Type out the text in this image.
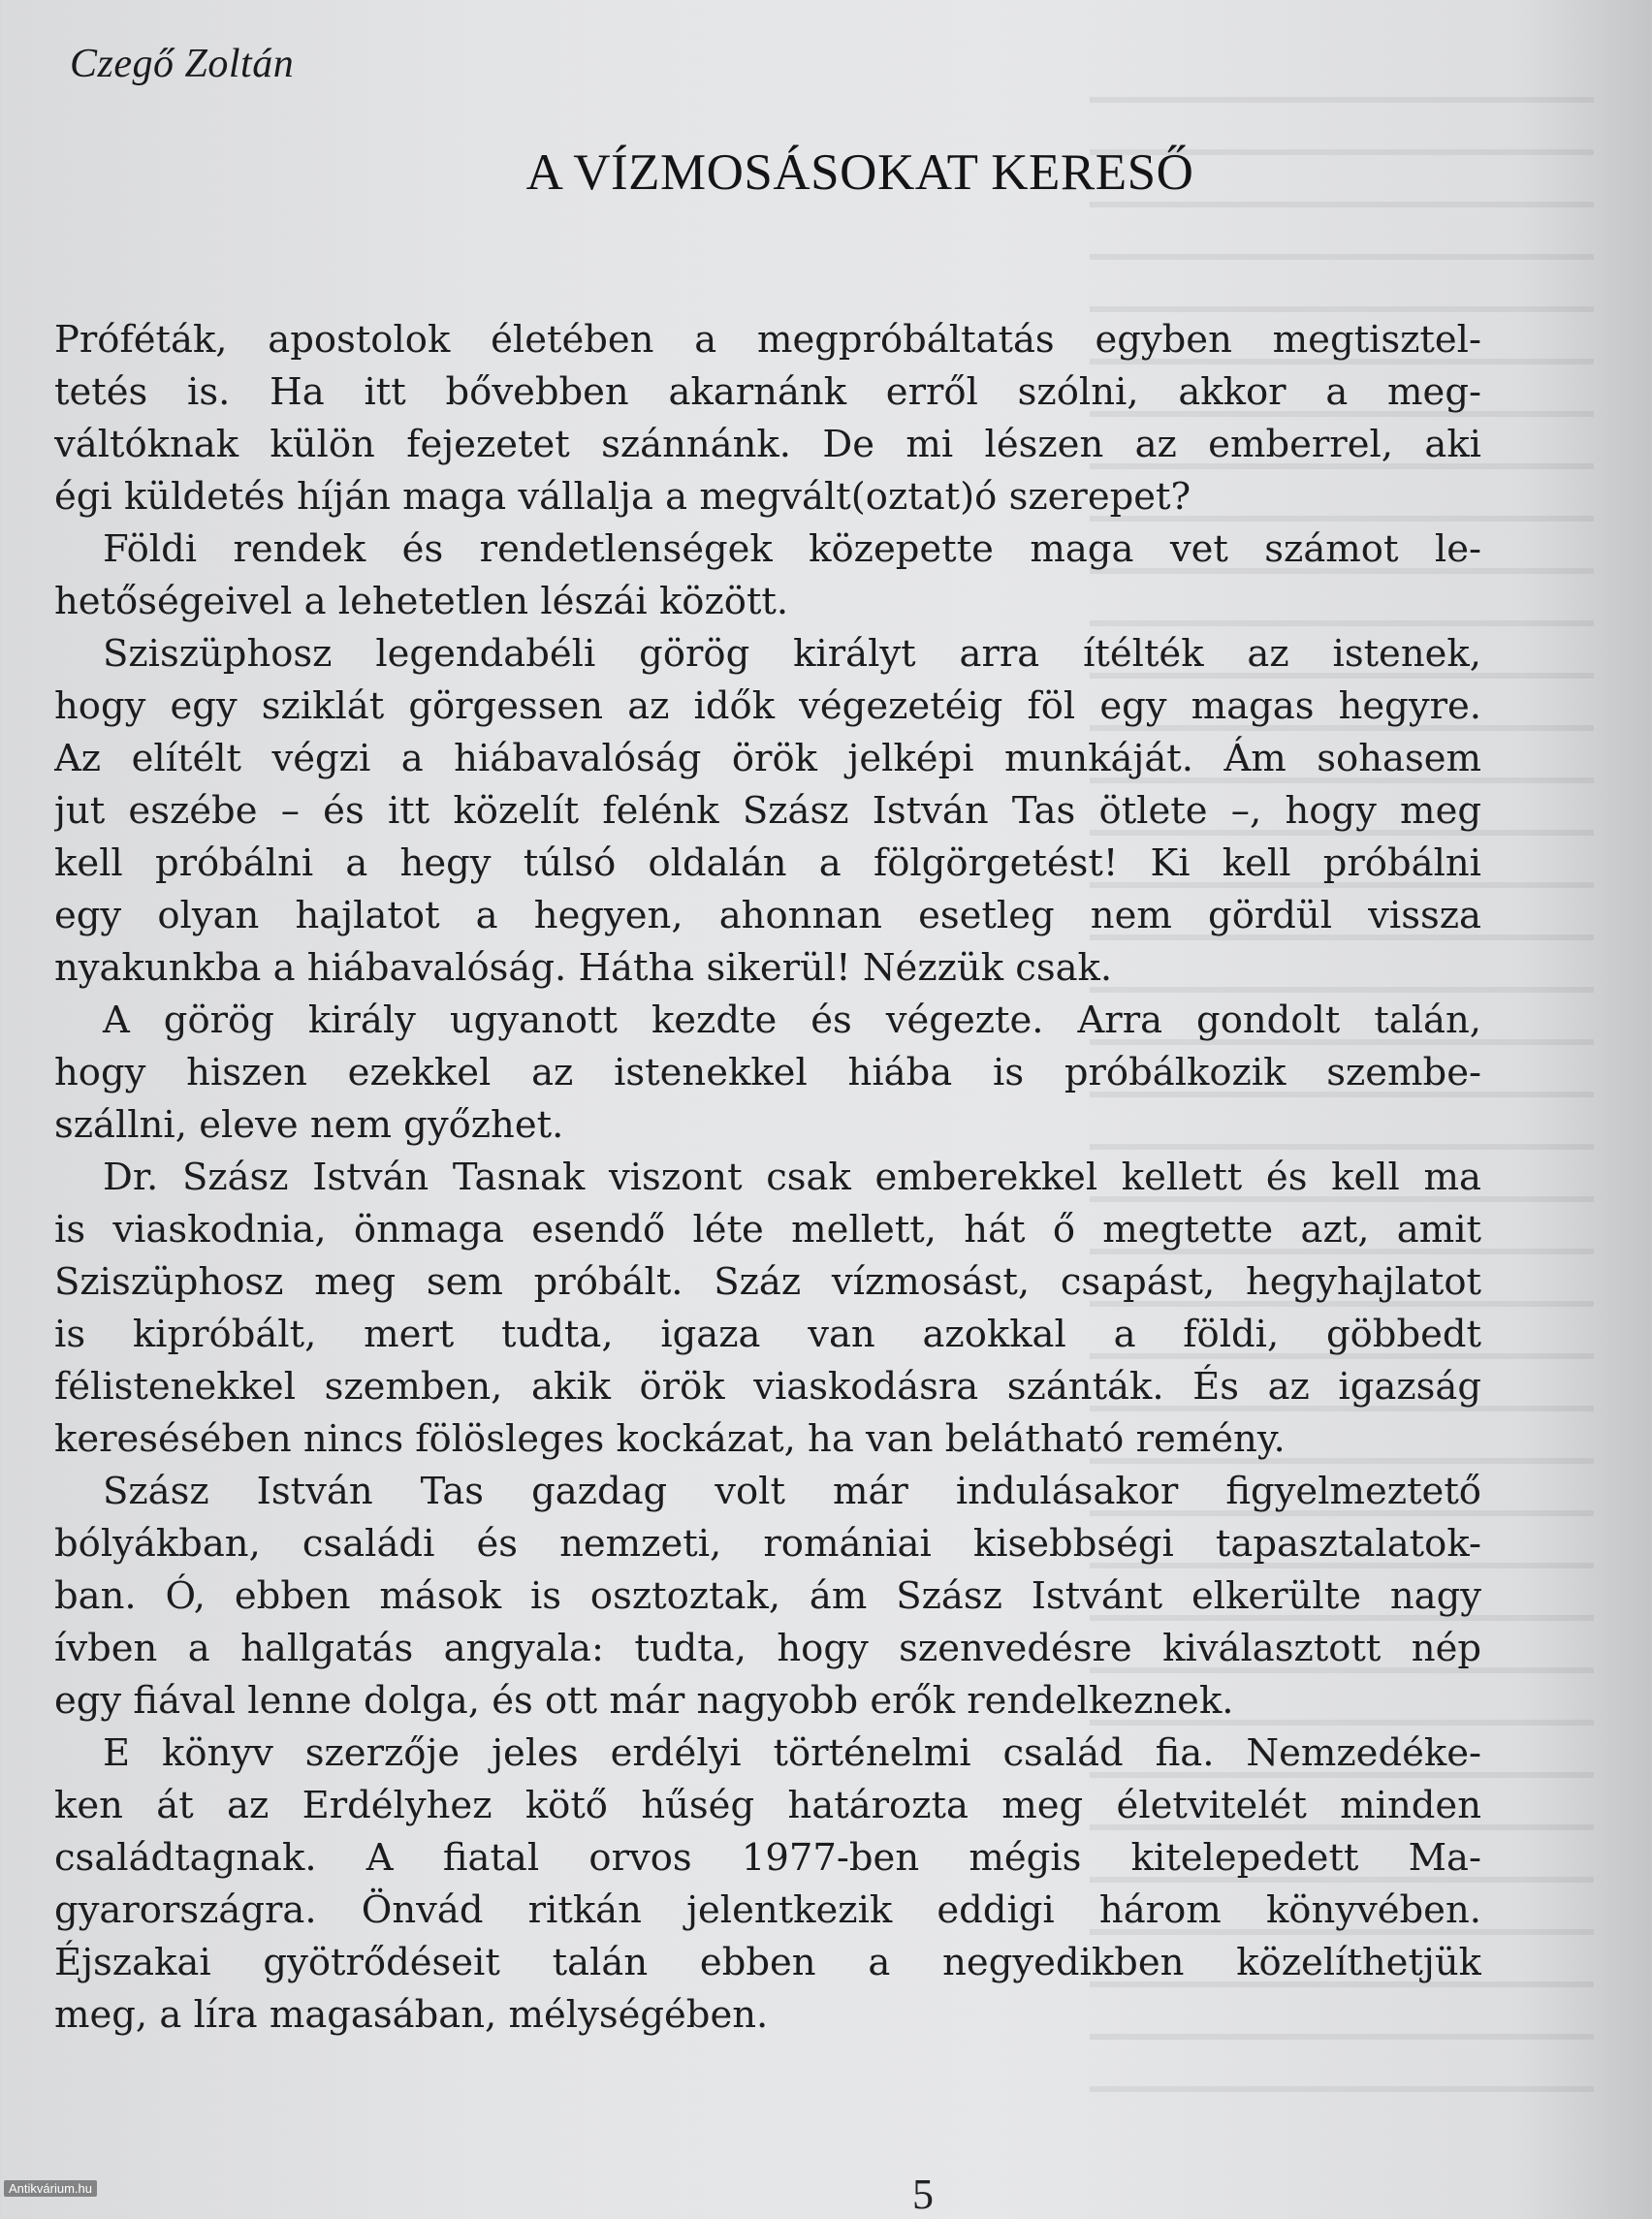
Czegő Zoltán
A VÍZMOSÁSOKAT KERESŐ
Próféták, apostolok életében a megpróbáltatás egyben megtisztel-
tetés is. Ha itt bővebben akarnánk erről szólni, akkor a meg-
váltóknak külön fejezetet szánnánk. De mi lészen az emberrel, aki
égi küldetés híján maga vállalja a megvált(oztat)ó szerepet?
Földi rendek és rendetlenségek közepette maga vet számot le-
hetőségeivel a lehetetlen lészái között.
Sziszüphosz legendabéli görög királyt arra ítélték az istenek,
hogy egy sziklát görgessen az idők végezetéig föl egy magas hegyre.
Az elítélt végzi a hiábavalóság örök jelképi munkáját. Ám sohasem
jut eszébe – és itt közelít felénk Szász István Tas ötlete –, hogy meg
kell próbálni a hegy túlsó oldalán a fölgörgetést! Ki kell próbálni
egy olyan hajlatot a hegyen, ahonnan esetleg nem gördül vissza
nyakunkba a hiábavalóság. Hátha sikerül! Nézzük csak.
A görög király ugyanott kezdte és végezte. Arra gondolt talán,
hogy hiszen ezekkel az istenekkel hiába is próbálkozik szembe-
szállni, eleve nem győzhet.
Dr. Szász István Tasnak viszont csak emberekkel kellett és kell ma
is viaskodnia, önmaga esendő léte mellett, hát ő megtette azt, amit
Sziszüphosz meg sem próbált. Száz vízmosást, csapást, hegyhajlatot
is kipróbált, mert tudta, igaza van azokkal a földi, göbbedt
félistenekkel szemben, akik örök viaskodásra szánták. És az igazság
keresésében nincs fölösleges kockázat, ha van belátható remény.
Szász István Tas gazdag volt már indulásakor figyelmeztető
bólyákban, családi és nemzeti, romániai kisebbségi tapasztalatok-
ban. Ó, ebben mások is osztoztak, ám Szász Istvánt elkerülte nagy
ívben a hallgatás angyala: tudta, hogy szenvedésre kiválasztott nép
egy fiával lenne dolga, és ott már nagyobb erők rendelkeznek.
E könyv szerzője jeles erdélyi történelmi család fia. Nemzedéke-
ken át az Erdélyhez kötő hűség határozta meg életvitelét minden
családtagnak. A fiatal orvos 1977-ben mégis kitelepedett Ma-
gyarországra. Önvád ritkán jelentkezik eddigi három könyvében.
Éjszakai gyötrődéseit talán ebben a negyedikben közelíthetjük
meg, a líra magasában, mélységében.
5
Antikvárium.hu
